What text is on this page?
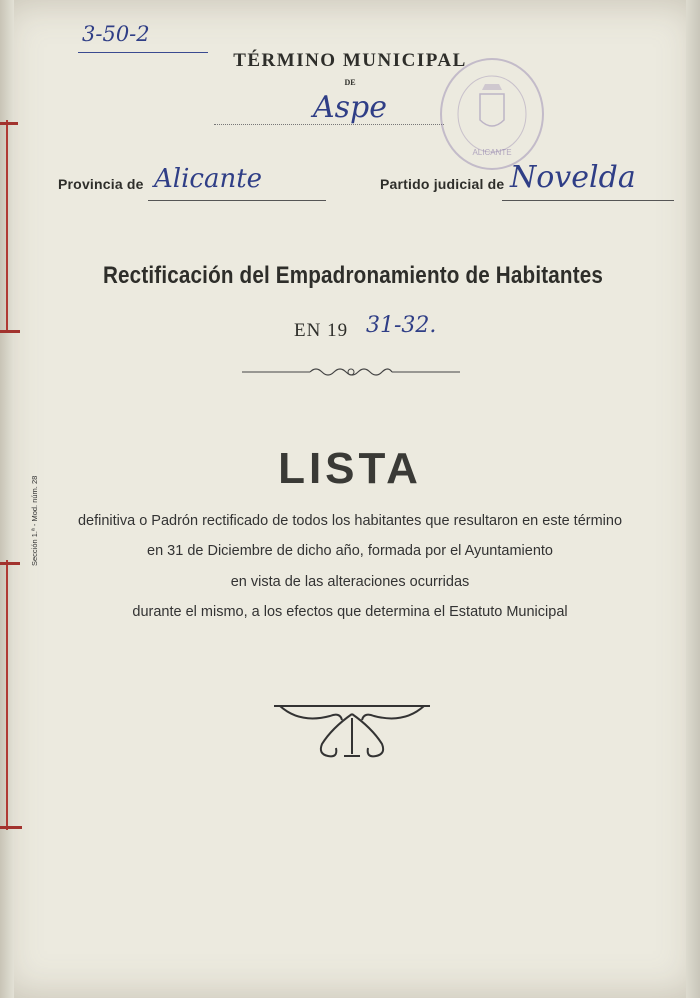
3-50-2
TÉRMINO MUNICIPAL
DE
Aspe
ALICANTE
Provincia de Alicante	Partido judicial de Novelda
Rectificación del Empadronamiento de Habitantes
EN 19 31-32.
LISTA
definitiva o Padrón rectificado de todos los habitantes que resultaron en este término
en 31 de Diciembre de dicho año, formada por el Ayuntamiento
en vista de las alteraciones ocurridas
durante el mismo, a los efectos que determina el Estatuto Municipal
Sección 1.ª - Mod. núm. 28
